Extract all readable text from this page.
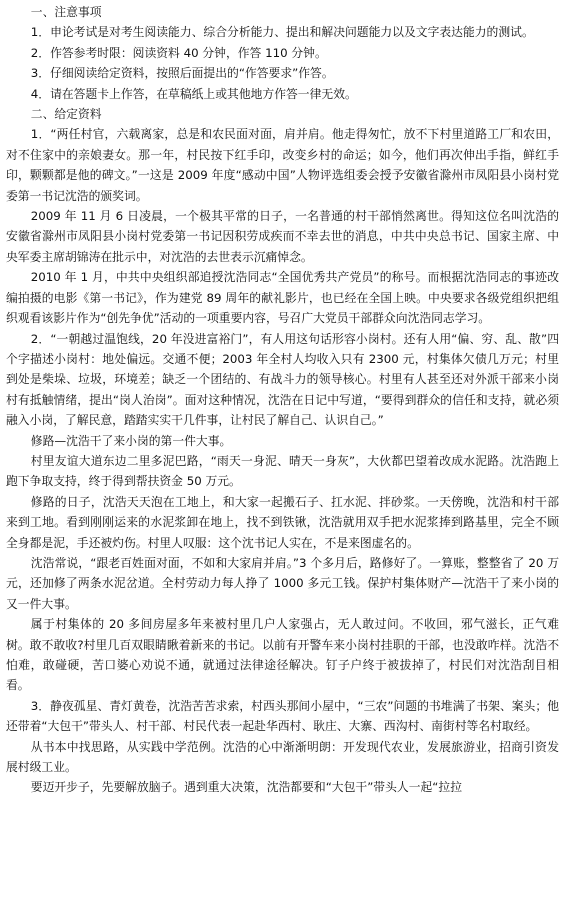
一、注意事项

1．申论考试是对考生阅读能力、综合分析能力、提出和解决问题能力以及文字表达能力的测试。

2．作答参考时限：阅读资料 40 分钟，作答 110 分钟。

3．仔细阅读给定资料，按照后面提出的“作答要求”作答。

4．请在答题卡上作答，在草稿纸上或其他地方作答一律无效。

二、给定资料

1．“两任村官，六载离家，总是和农民面对面，肩并肩。他走得匆忙，放不下村里道路工厂和农田，对不住家中的亲娘妻女。那一年，村民按下红手印，改变乡村的命运；如今，他们再次伸出手指，鲜红手印，颗颗都是他的碑文。”一这是 2009 年度“感动中国”人物评选组委会授予安徽省滁州市凤阳县小岗村党委第一书记沈浩的颁奖词。

2009 年 11 月 6 日凌晨，一个极其平常的日子，一名普通的村干部悄然离世。得知这位名叫沈浩的安徽省滁州市凤阳县小岗村党委第一书记因积劳成疾而不幸去世的消息，中共中央总书记、国家主席、中央军委主席胡锦涛在批示中，对沈浩的去世表示沉痛悼念。

2010 年 1 月，中共中央组织部追授沈浩同志“全国优秀共产党员”的称号。而根据沈浩同志的事迹改编拍摄的电影《第一书记》，作为建党 89 周年的献礼影片，也已经在全国上映。中央要求各级党组织把组织观看该影片作为“创先争优”活动的一项重要内容，号召广大党员干部群众向沈浩同志学习。

2．“一朝越过温饱线，20 年没进富裕门”，有人用这句话形容小岗村。还有人用“偏、穷、乱、散”四个字描述小岗村：地处偏远。交通不便；2003 年全村人均收入只有 2300 元，村集体欠债几万元；村里到处是柴垛、垃圾，环境差；缺乏一个团结的、有战斗力的领导核心。村里有人甚至还对外派干部来小岗村有抵触情绪，提出“岗人治岗”。面对这种情况，沈浩在日记中写道，“要得到群众的信任和支持，就必须融入小岗，了解民意，踏踏实实干几件事，让村民了解自己、认识自己。”

修路—沈浩干了来小岗的第一件大事。

村里友谊大道东边二里多泥巴路，“雨天一身泥、晴天一身灰”，大伙都巴望着改成水泥路。沈浩跑上跑下争取支持，终于得到帮扶资金 50 万元。

修路的日子，沈浩天天泡在工地上，和大家一起搬石子、扛水泥、拌砂浆。一天傍晚，沈浩和村干部来到工地。看到刚刚运来的水泥浆卸在地上，找不到铁锹，沈浩就用双手把水泥浆捧到路基里，完全不顾全身都是泥，手还被灼伤。村里人叹服：这个沈书记人实在，不是来图虚名的。

沈浩常说，“跟老百姓面对面，不如和大家肩并肩。”3 个多月后，路修好了。一算账，整整省了 20 万元，还加修了两条水泥岔道。全村劳动力每人挣了 1000 多元工钱。保护村集体财产—沈浩干了来小岗的又一件大事。

属于村集体的 20 多间房屋多年来被村里几户人家强占，无人敢过问。不收回，邪气滋长，正气难树。敢不敢收?村里几百双眼睛瞅着新来的书记。以前有开警车来小岗村挂职的干部，也没敢咋样。沈浩不怕难，敢碰硬，苦口婆心劝说不通，就通过法律途径解决。钉子户终于被拔掉了，村民们对沈浩刮目相看。

3．静夜孤星、青灯黄卷，沈浩苦苦求索，村西头那间小屋中，“三农”问题的书堆满了书架、案头；他还带着“大包干”带头人、村干部、村民代表一起赴华西村、耿庄、大寨、西沟村、南街村等名村取经。

从书本中找思路，从实践中学范例。沈浩的心中渐渐明朗：开发现代农业，发展旅游业，招商引资发展村级工业。

要迈开步子，先要解放脑子。遇到重大决策，沈浩都要和“大包干”带头人一起“拉拉
